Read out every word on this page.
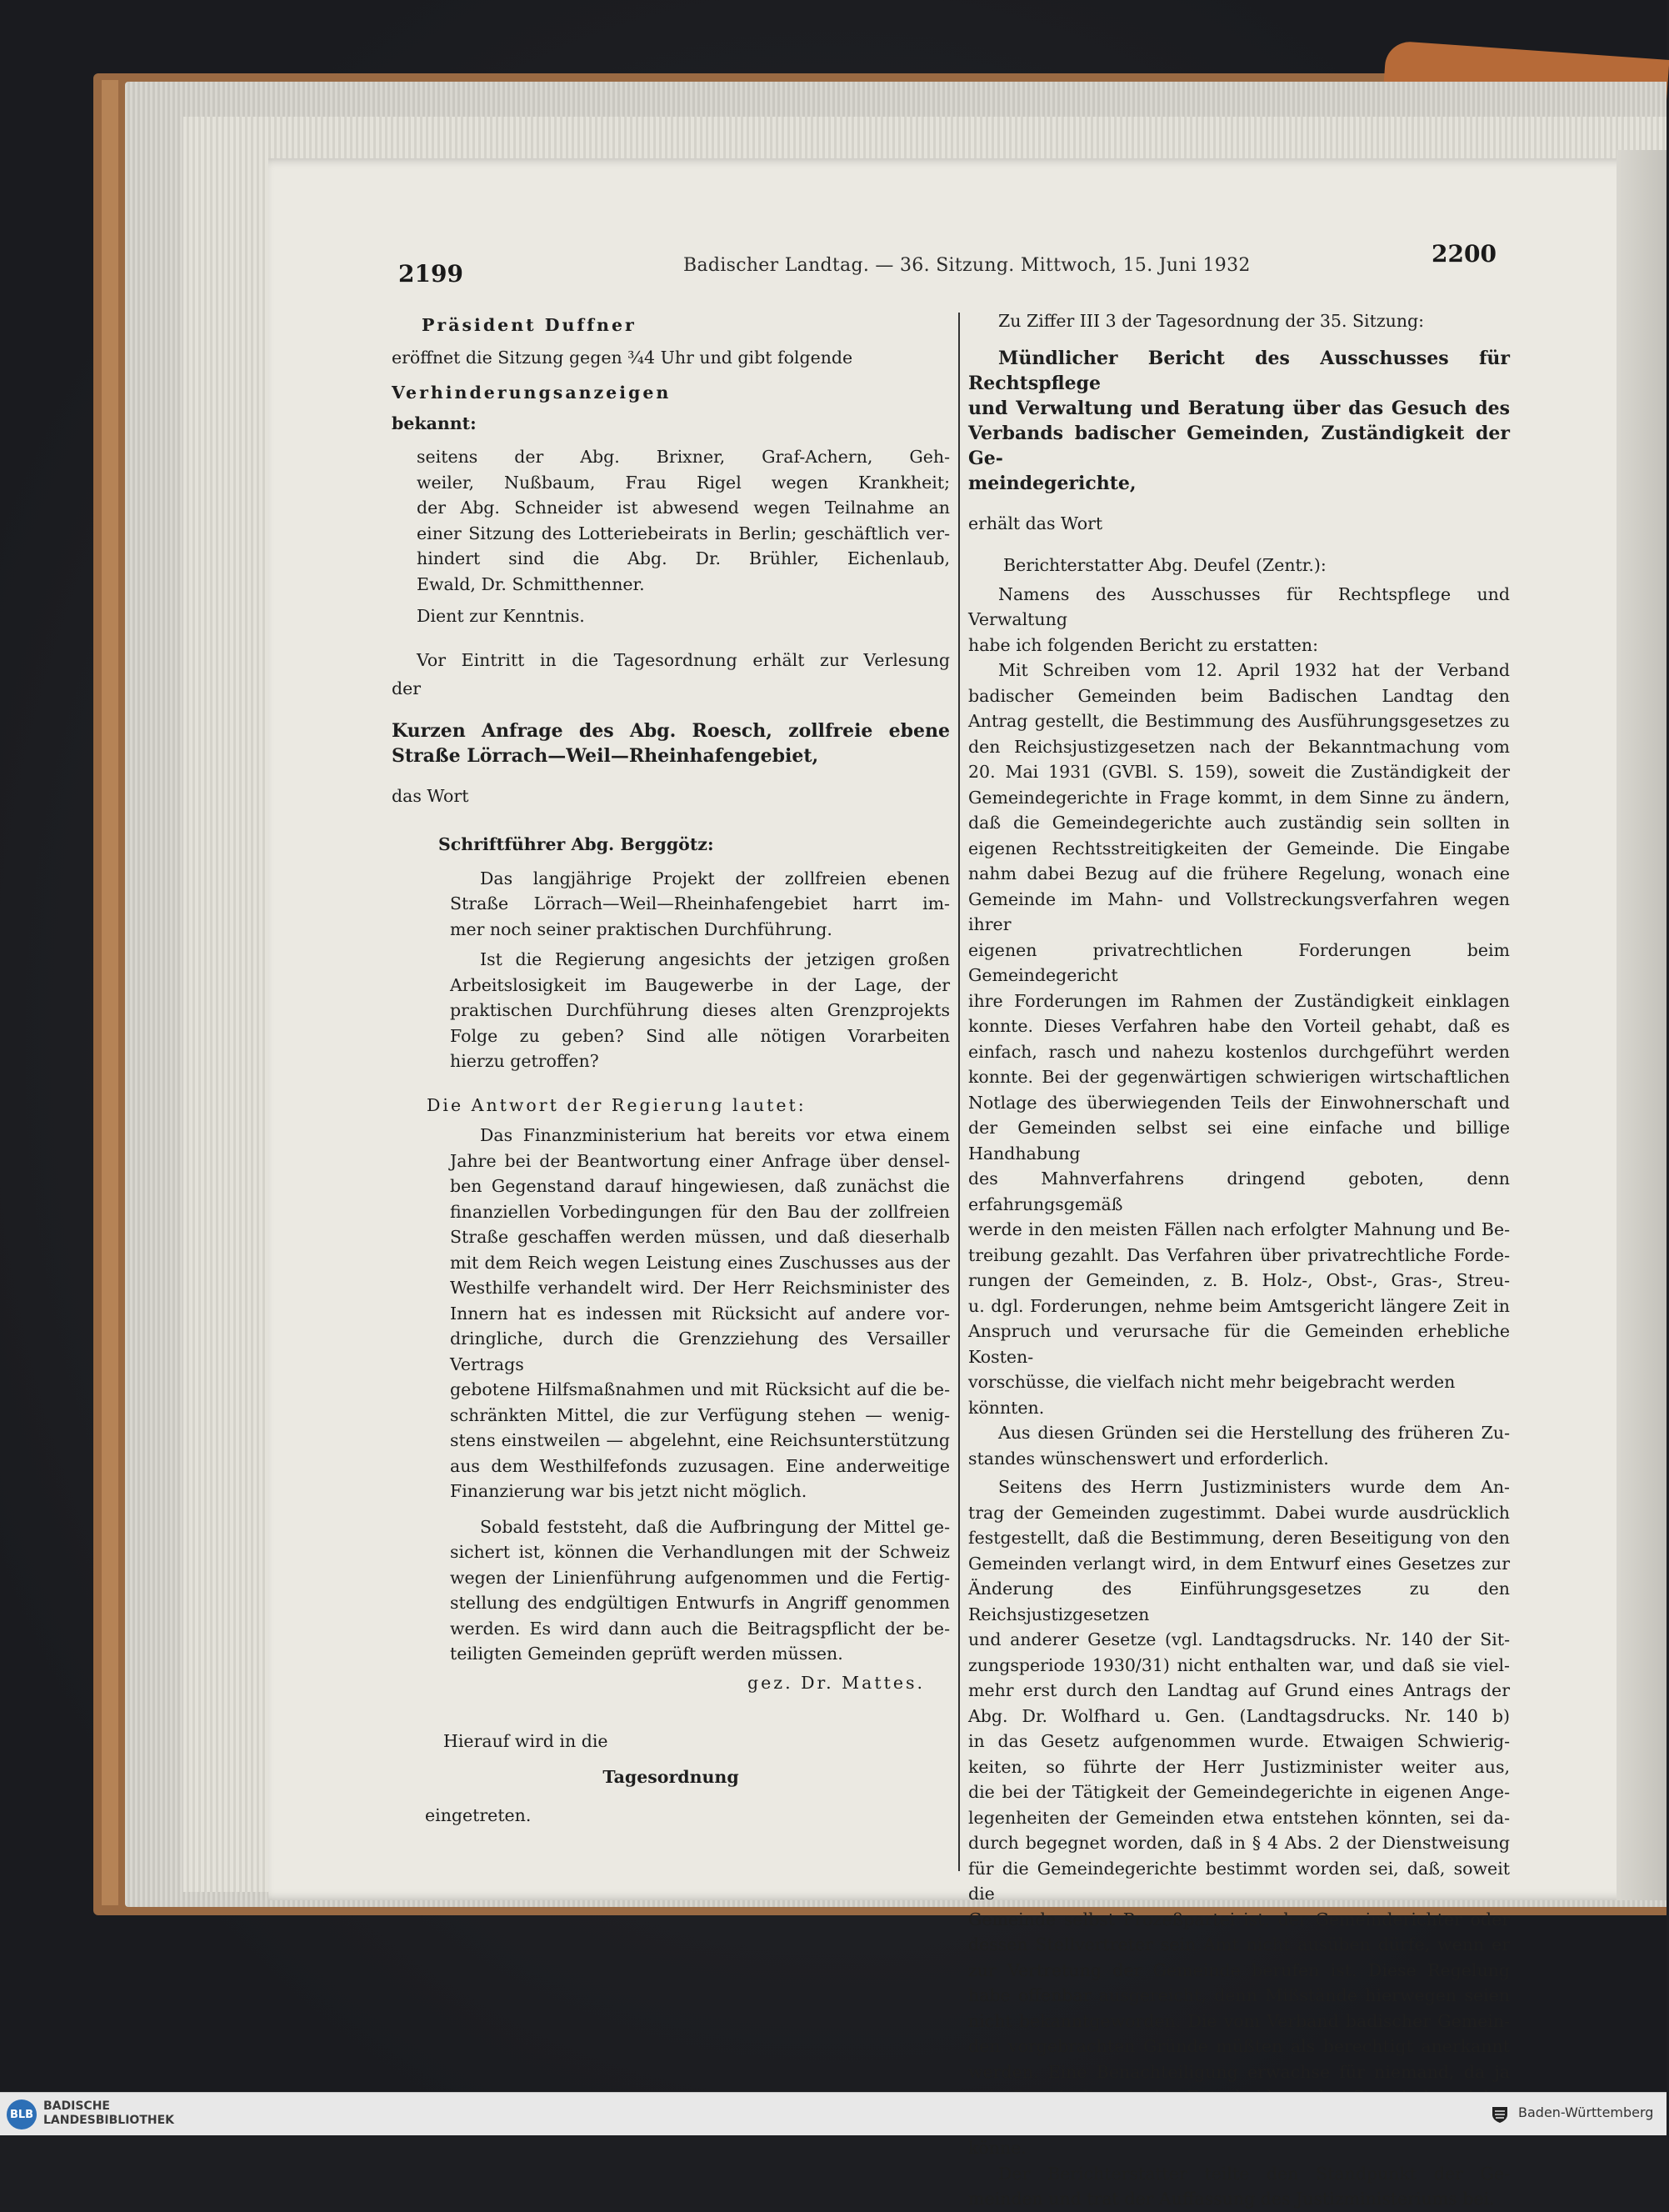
2199	Badischer Landtag. — 36. Sitzung. Mittwoch, 15. Juni 1932	2200

Präsident Duffner

eröffnet die Sitzung gegen ¾4 Uhr und gibt folgende

Verhinderungsanzeigen

bekannt:

seitens der Abg. Brixner, Graf-Achern, Geh-

weiler, Nußbaum, Frau Rigel wegen Krankheit;

der Abg. Schneider ist abwesend wegen Teilnahme an

einer Sitzung des Lotteriebeirats in Berlin; geschäftlich ver-

hindert sind die Abg. Dr. Brühler, Eichenlaub,

Ewald, Dr. Schmitthenner.

Dient zur Kenntnis.

Vor Eintritt in die Tagesordnung erhält zur Verlesung

der

Kurzen Anfrage des Abg. Roesch, zollfreie ebene

Straße Lörrach—Weil—Rheinhafengebiet,

das Wort

Schriftführer Abg. Berggötz:

Das langjährige Projekt der zollfreien ebenen

Straße Lörrach—Weil—Rheinhafengebiet harrt im-

mer noch seiner praktischen Durchführung.

Ist die Regierung angesichts der jetzigen großen

Arbeitslosigkeit im Baugewerbe in der Lage, der

praktischen Durchführung dieses alten Grenzprojekts

Folge zu geben? Sind alle nötigen Vorarbeiten

hierzu getroffen?

Die Antwort der Regierung lautet:

Das Finanzministerium hat bereits vor etwa einem

Jahre bei der Beantwortung einer Anfrage über densel-

ben Gegenstand darauf hingewiesen, daß zunächst die

finanziellen Vorbedingungen für den Bau der zollfreien

Straße geschaffen werden müssen, und daß dieserhalb

mit dem Reich wegen Leistung eines Zuschusses aus der

Westhilfe verhandelt wird. Der Herr Reichsminister des

Innern hat es indessen mit Rücksicht auf andere vor-

dringliche, durch die Grenzziehung des Versailler Vertrags

gebotene Hilfsmaßnahmen und mit Rücksicht auf die be-

schränkten Mittel, die zur Verfügung stehen — wenig-

stens einstweilen — abgelehnt, eine Reichsunterstützung

aus dem Westhilfefonds zuzusagen. Eine anderweitige

Finanzierung war bis jetzt nicht möglich.

Sobald feststeht, daß die Aufbringung der Mittel ge-

sichert ist, können die Verhandlungen mit der Schweiz

wegen der Linienführung aufgenommen und die Fertig-

stellung des endgültigen Entwurfs in Angriff genommen

werden. Es wird dann auch die Beitragspflicht der be-

teiligten Gemeinden geprüft werden müssen.

gez. Dr. Mattes.

Hierauf wird in die

Tagesordnung

eingetreten.

Zu Ziffer III 3 der Tagesordnung der 35. Sitzung:

Mündlicher Bericht des Ausschusses für Rechtspflege

und Verwaltung und Beratung über das Gesuch des

Verbands badischer Gemeinden, Zuständigkeit der Ge-

meindegerichte,

erhält das Wort

Berichterstatter Abg. Deufel (Zentr.):

Namens des Ausschusses für Rechtspflege und Verwaltung

habe ich folgenden Bericht zu erstatten:

Mit Schreiben vom 12. April 1932 hat der Verband

badischer Gemeinden beim Badischen Landtag den

Antrag gestellt, die Bestimmung des Ausführungsgesetzes zu

den Reichsjustizgesetzen nach der Bekanntmachung vom

20. Mai 1931 (GVBl. S. 159), soweit die Zuständigkeit der

Gemeindegerichte in Frage kommt, in dem Sinne zu ändern,

daß die Gemeindegerichte auch zuständig sein sollten in

eigenen Rechtsstreitigkeiten der Gemeinde. Die Eingabe

nahm dabei Bezug auf die frühere Regelung, wonach eine

Gemeinde im Mahn- und Vollstreckungsverfahren wegen ihrer

eigenen privatrechtlichen Forderungen beim Gemeindegericht

ihre Forderungen im Rahmen der Zuständigkeit einklagen

konnte. Dieses Verfahren habe den Vorteil gehabt, daß es

einfach, rasch und nahezu kostenlos durchgeführt werden

konnte. Bei der gegenwärtigen schwierigen wirtschaftlichen

Notlage des überwiegenden Teils der Einwohnerschaft und

der Gemeinden selbst sei eine einfache und billige Handhabung

des Mahnverfahrens dringend geboten, denn erfahrungsgemäß

werde in den meisten Fällen nach erfolgter Mahnung und Be-

treibung gezahlt. Das Verfahren über privatrechtliche Forde-

rungen der Gemeinden, z. B. Holz-, Obst-, Gras-, Streu-

u. dgl. Forderungen, nehme beim Amtsgericht längere Zeit in

Anspruch und verursache für die Gemeinden erhebliche Kosten-

vorschüsse, die vielfach nicht mehr beigebracht werden könnten.

Aus diesen Gründen sei die Herstellung des früheren Zu-

standes wünschenswert und erforderlich.

Seitens des Herrn Justizministers wurde dem An-

trag der Gemeinden zugestimmt. Dabei wurde ausdrücklich

festgestellt, daß die Bestimmung, deren Beseitigung von den

Gemeinden verlangt wird, in dem Entwurf eines Gesetzes zur

Änderung des Einführungsgesetzes zu den Reichsjustizgesetzen

und anderer Gesetze (vgl. Landtagsdrucks. Nr. 140 der Sit-

zungsperiode 1930/31) nicht enthalten war, und daß sie viel-

mehr erst durch den Landtag auf Grund eines Antrags der

Abg. Dr. Wolfhard u. Gen. (Landtagsdrucks. Nr. 140 b)

in das Gesetz aufgenommen wurde. Etwaigen Schwierig-

keiten, so führte der Herr Justizminister weiter aus,

die bei der Tätigkeit der Gemeindegerichte in eigenen Ange-

legenheiten der Gemeinden etwa entstehen könnten, sei da-

durch begegnet worden, daß in § 4 Abs. 2 der Dienstweisung

für die Gemeindegerichte bestimmt worden sei, daß, soweit die

Gemeinde selbst Prozeßpartei ist, der Gemeinderichter oder

dessen Stellvertreter sein Amt nicht ausüben dürfe, wenn er

zur Vertretung der Gemeinde berufen ist. Diese Regelung

habe offenbar ausgereicht, denn Mißstände hierwegen seien

nicht bekanntgeworden. Die vom Verband badischer Gemein-

den vorgebrachten Gründe müßten als berechtigt anerkannt

werden. Eine Benachteiligung erwachse für niemand, da ja

könne.

Der Berichterstatter teilte den Standpunkt der Ge-

meinden und trat der Auffassung des Justizministeriums bei.

BLB
BADISCHE
LANDESBIBLIOTHEK	Baden-Württemberg
